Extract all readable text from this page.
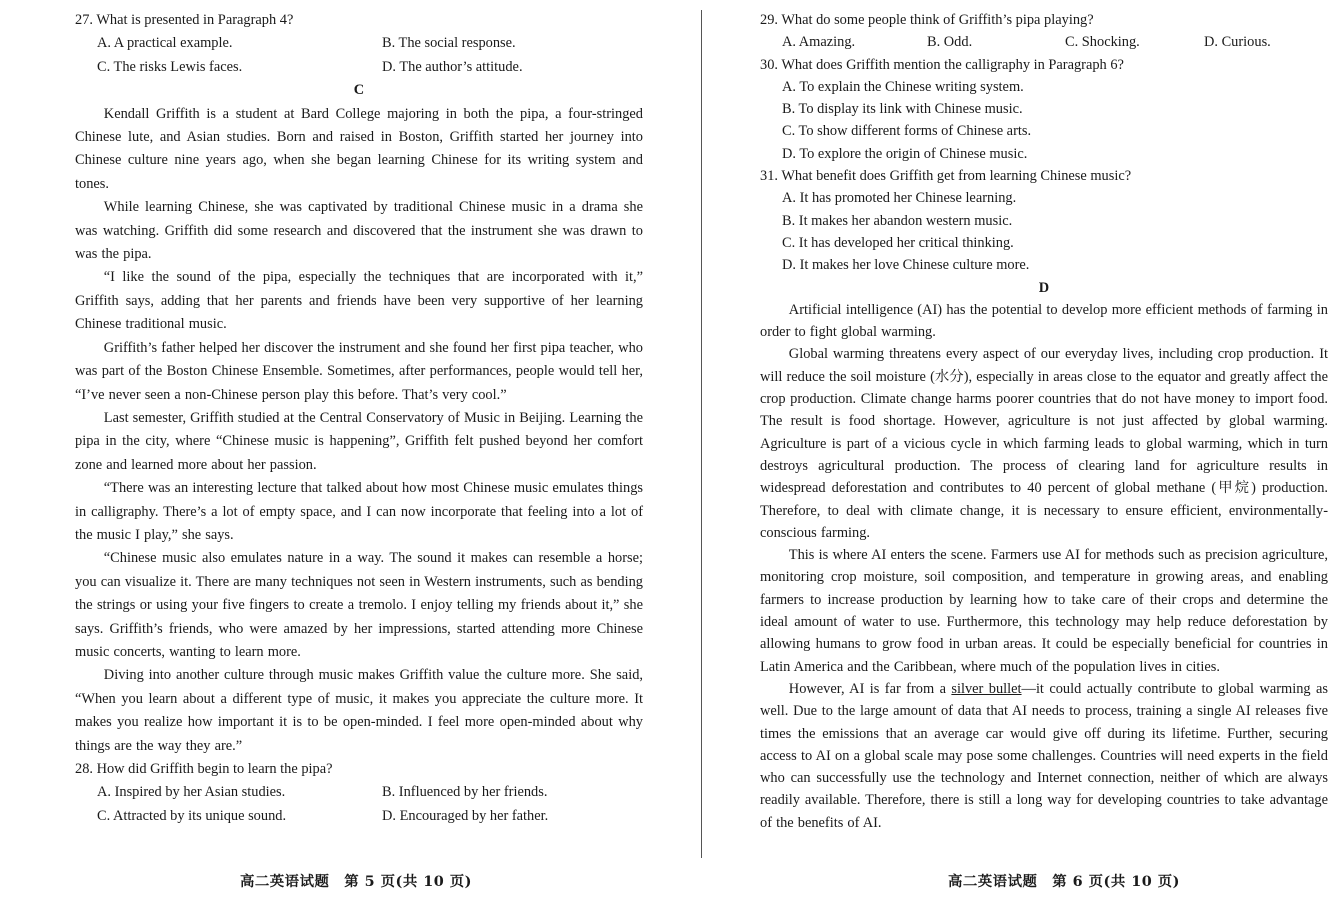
27. What is presented in Paragraph 4?
A. A practical example.	B. The social response.
C. The risks Lewis faces.	D. The author’s attitude.
C

Kendall Griffith is a student at Bard College majoring in both the pipa, a four-stringed Chinese lute, and Asian studies. Born and raised in Boston, Griffith started her journey into Chinese culture nine years ago, when she began learning Chinese for its writing system and tones.

While learning Chinese, she was captivated by traditional Chinese music in a drama she was watching. Griffith did some research and discovered that the instrument she was drawn to was the pipa.

“I like the sound of the pipa, especially the techniques that are incorporated with it,” Griffith says, adding that her parents and friends have been very supportive of her learning Chinese traditional music.

Griffith’s father helped her discover the instrument and she found her first pipa teacher, who was part of the Boston Chinese Ensemble. Sometimes, after performances, people would tell her, “I’ve never seen a non-Chinese person play this before. That’s very cool.”

Last semester, Griffith studied at the Central Conservatory of Music in Beijing. Learning the pipa in the city, where “Chinese music is happening”, Griffith felt pushed beyond her comfort zone and learned more about her passion.

“There was an interesting lecture that talked about how most Chinese music emulates things in calligraphy. There’s a lot of empty space, and I can now incorporate that feeling into a lot of the music I play,” she says.

“Chinese music also emulates nature in a way. The sound it makes can resemble a horse; you can visualize it. There are many techniques not seen in Western instruments, such as bending the strings or using your five fingers to create a tremolo. I enjoy telling my friends about it,” she says. Griffith’s friends, who were amazed by her impressions, started attending more Chinese music concerts, wanting to learn more.

Diving into another culture through music makes Griffith value the culture more. She said, “When you learn about a different type of music, it makes you appreciate the culture more. It makes you realize how important it is to be open-minded. I feel more open-minded about why things are the way they are.”

28. How did Griffith begin to learn the pipa?
A. Inspired by her Asian studies.	B. Influenced by her friends.
C. Attracted by its unique sound.	D. Encouraged by her father.
29. What do some people think of Griffith’s pipa playing?
A. Amazing.	B. Odd.	C. Shocking.	D. Curious.
30. What does Griffith mention the calligraphy in Paragraph 6?
A. To explain the Chinese writing system.
B. To display its link with Chinese music.
C. To show different forms of Chinese arts.
D. To explore the origin of Chinese music.
31. What benefit does Griffith get from learning Chinese music?
A. It has promoted her Chinese learning.
B. It makes her abandon western music.
C. It has developed her critical thinking.
D. It makes her love Chinese culture more.
D

Artificial intelligence (AI) has the potential to develop more efficient methods of farming in order to fight global warming.

Global warming threatens every aspect of our everyday lives, including crop production. It will reduce the soil moisture (水分), especially in areas close to the equator and greatly affect the crop production. Climate change harms poorer countries that do not have money to import food. The result is food shortage. However, agriculture is not just affected by global warming. Agriculture is part of a vicious cycle in which farming leads to global warming, which in turn destroys agricultural production. The process of clearing land for agriculture results in widespread deforestation and contributes to 40 percent of global methane (甲烷) production. Therefore, to deal with climate change, it is necessary to ensure efficient, environmentally-conscious farming.

This is where AI enters the scene. Farmers use AI for methods such as precision agriculture, monitoring crop moisture, soil composition, and temperature in growing areas, and enabling farmers to increase production by learning how to take care of their crops and determine the ideal amount of water to use. Furthermore, this technology may help reduce deforestation by allowing humans to grow food in urban areas. It could be especially beneficial for countries in Latin America and the Caribbean, where much of the population lives in cities.

However, AI is far from a silver bullet—it could actually contribute to global warming as well. Due to the large amount of data that AI needs to process, training a single AI releases five times the emissions that an average car would give off during its lifetime. Further, securing access to AI on a global scale may pose some challenges. Countries will need experts in the field who can successfully use the technology and Internet connection, neither of which are always readily available. Therefore, there is still a long way for developing countries to take advantage of the benefits of AI.

高二英语试题　第 5 页(共 10 页)	高二英语试题　第 6 页(共 10 页)
